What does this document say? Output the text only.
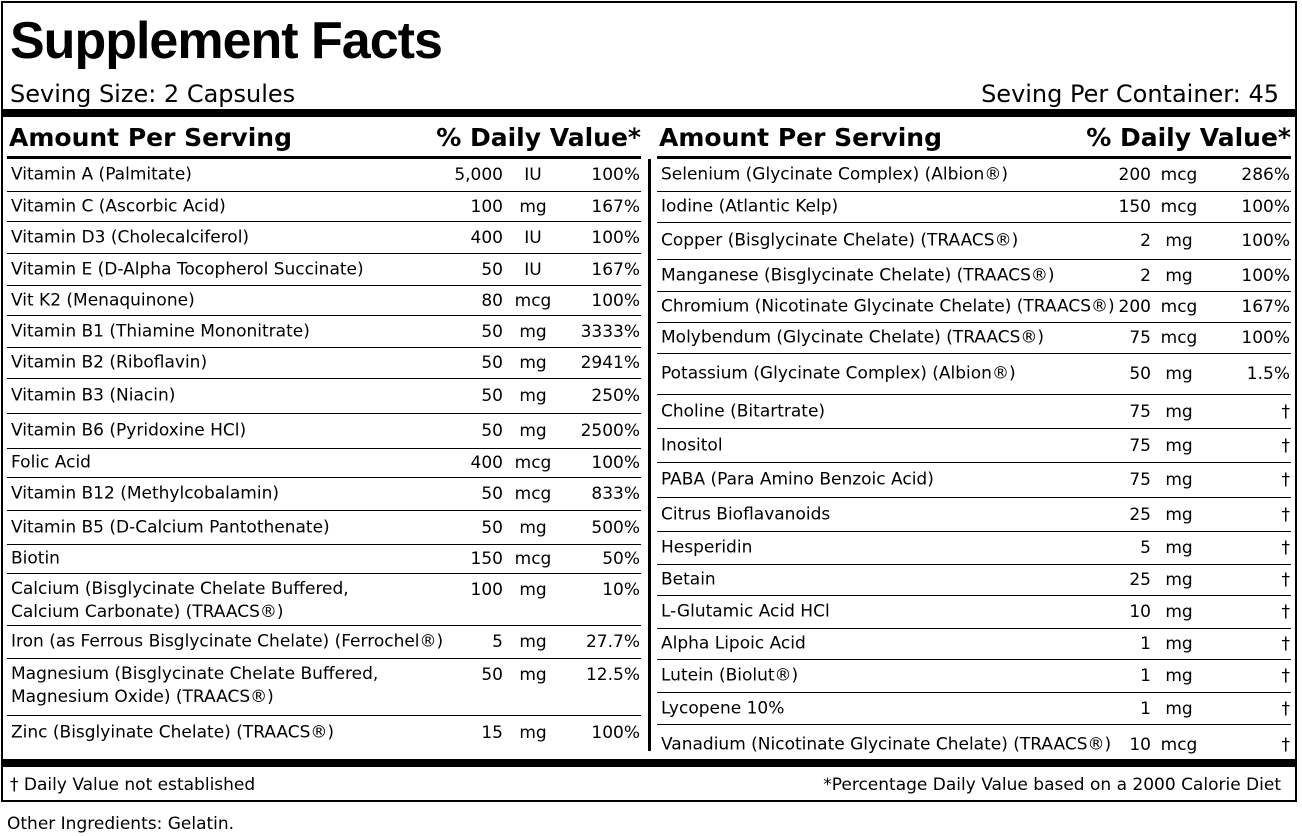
Supplement Facts
Seving Size: 2 Capsules	Seving Per Container: 45
Amount Per Serving	% Daily Value*
Vitamin A (Palmitate)	5,000	IU	100%
Vitamin C (Ascorbic Acid)	100 mg	167%
Vitamin D3 (Cholecalciferol)	400	IU	100%
Vitamin E (D-Alpha Tocopherol Succinate)	50	IU	167%
Vit K2 (Menaquinone)	80 mcg 100%
Vitamin B1 (Thiamine Mononitrate)	50 mg	3333%
Vitamin B2 (Riboflavin)	50 mg	2941%
Vitamin B3 (Niacin)	50 mg	250%
Vitamin B6 (Pyridoxine HCl)	50 mg	2500%
Folic Acid	400 mcg 100%
Vitamin B12 (Methylcobalamin)	50 mcg 833%
Vitamin B5 (D-Calcium Pantothenate)	50 mg	500%
Biotin	150 mcg	50%
Calcium (Bisglycinate Chelate Buffered, Calcium Carbonate) (TRAACS®)
100 mg	10%
Iron (as Ferrous Bisglycinate Chelate) (Ferrochel®)	5 mg	27.7%
Magnesium (Bisglycinate Chelate Buffered, Magnesium Oxide) (TRAACS®)
50 mg	12.5%
Zinc (Bisglyinate Chelate) (TRAACS®)	15 mg	100%
Amount Per Serving	% Daily Value*
Selenium (Glycinate Complex) (Albion®)	200 mcg	286%
Iodine (Atlantic Kelp)	150 mcg	100%
Copper (Bisglycinate Chelate) (TRAACS®)	2 mg	100%
Manganese (Bisglycinate Chelate) (TRAACS®)	2 mg	100%
Chromium (Nicotinate Glycinate Chelate) (TRAACS®) 200 mcg	167%
Molybendum (Glycinate Chelate) (TRAACS®)	75 mcg	100%
Potassium (Glycinate Complex) (Albion®)	50 mg	1.5%
Choline (Bitartrate)	75 mg	†
Inositol	75 mg	†
PABA (Para Amino Benzoic Acid)	75 mg	†
Citrus Bioflavanoids	25 mg	†
Hesperidin	5 mg	†
Betain	25 mg	†
L-Glutamic Acid HCl	10 mg	†
Alpha Lipoic Acid	1 mg	†
Lutein (Biolut®)	1 mg	†
Lycopene 10%	1 mg	†
Vanadium (Nicotinate Glycinate Chelate) (TRAACS®)	10 mcg	†
† Daily Value not established	*Percentage Daily Value based on a 2000 Calorie Diet
Other Ingredients: Gelatin.
